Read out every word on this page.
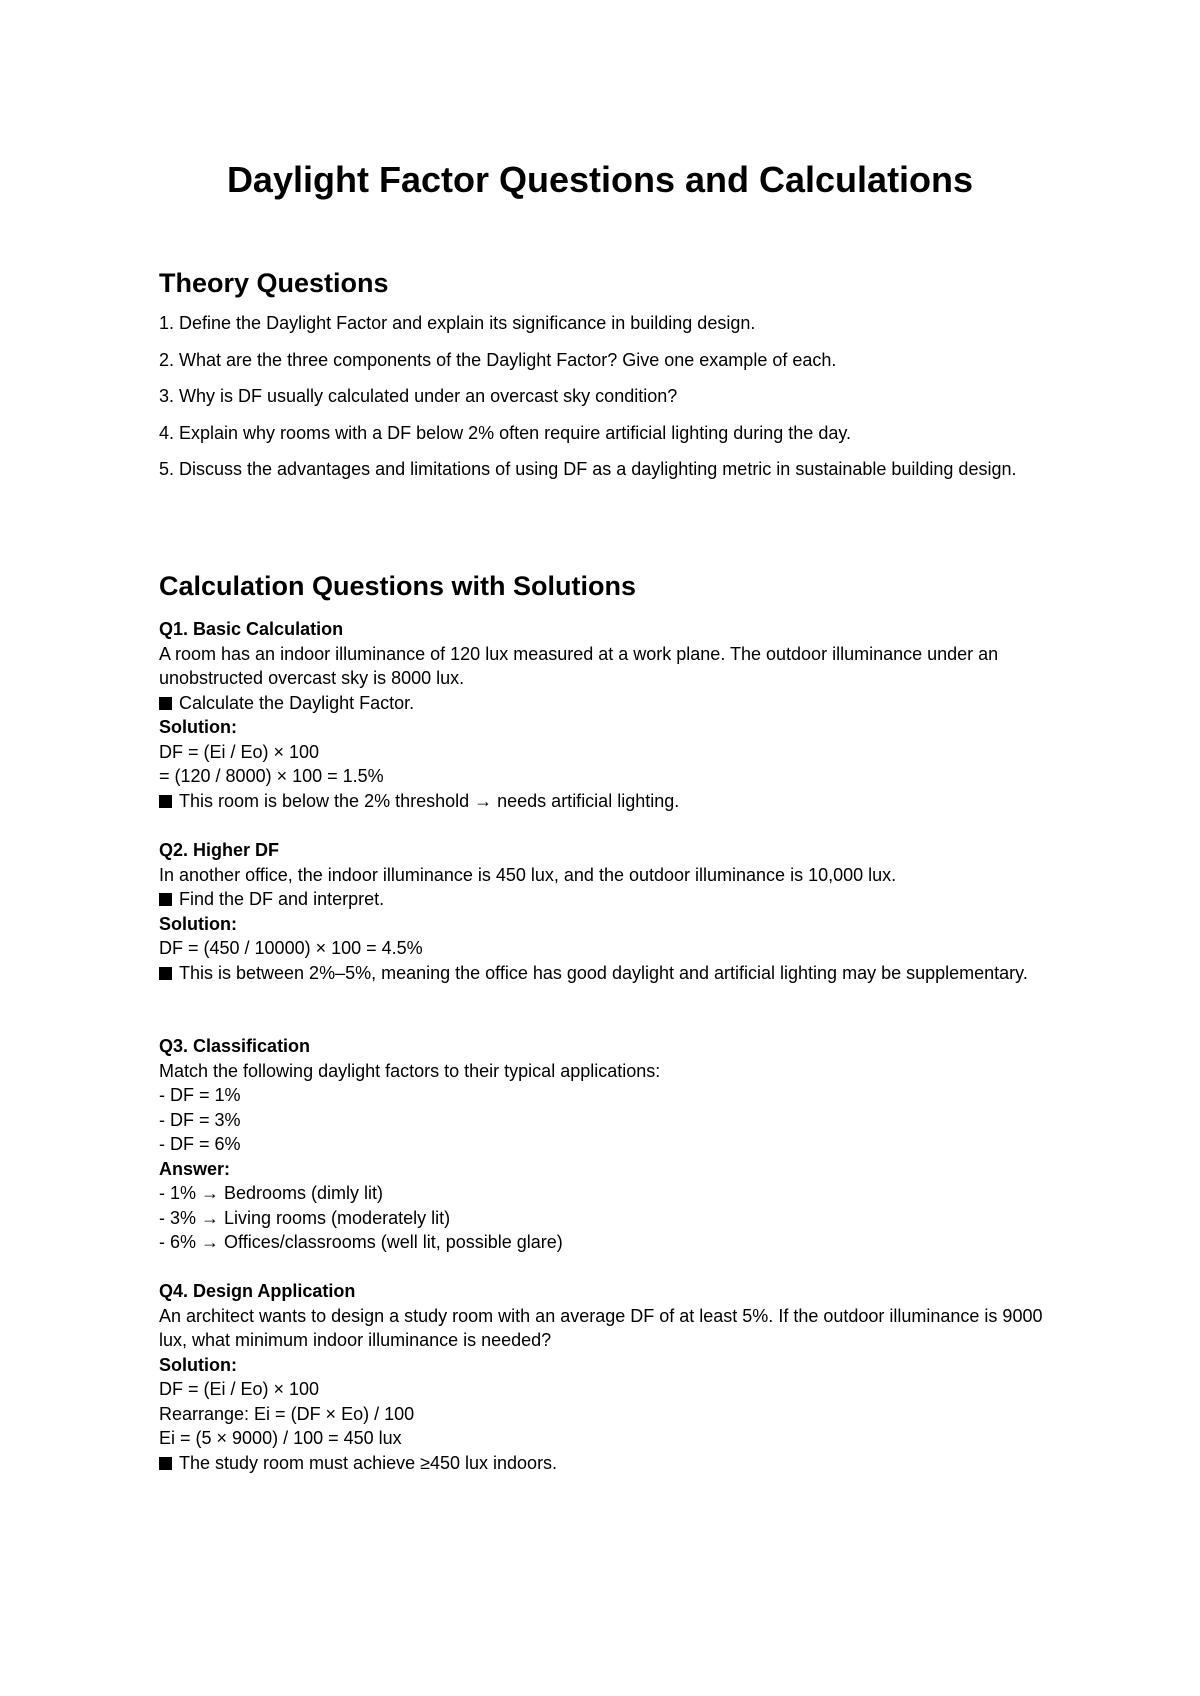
Daylight Factor Questions and Calculations
Theory Questions
1. Define the Daylight Factor and explain its significance in building design.
2. What are the three components of the Daylight Factor? Give one example of each.
3. Why is DF usually calculated under an overcast sky condition?
4. Explain why rooms with a DF below 2% often require artificial lighting during the day.
5. Discuss the advantages and limitations of using DF as a daylighting metric in sustainable building design.
Calculation Questions with Solutions
Q1. Basic Calculation
A room has an indoor illuminance of 120 lux measured at a work plane. The outdoor illuminance under an unobstructed overcast sky is 8000 lux.
Calculate the Daylight Factor.
Solution:
DF = (Ei / Eo) × 100
= (120 / 8000) × 100 = 1.5%
This room is below the 2% threshold → needs artificial lighting.
Q2. Higher DF
In another office, the indoor illuminance is 450 lux, and the outdoor illuminance is 10,000 lux.
Find the DF and interpret.
Solution:
DF = (450 / 10000) × 100 = 4.5%
This is between 2%–5%, meaning the office has good daylight and artificial lighting may be supplementary.
Q3. Classification
Match the following daylight factors to their typical applications:
- DF = 1%
- DF = 3%
- DF = 6%
Answer:
- 1% → Bedrooms (dimly lit)
- 3% → Living rooms (moderately lit)
- 6% → Offices/classrooms (well lit, possible glare)
Q4. Design Application
An architect wants to design a study room with an average DF of at least 5%. If the outdoor illuminance is 9000 lux, what minimum indoor illuminance is needed?
Solution:
DF = (Ei / Eo) × 100
Rearrange: Ei = (DF × Eo) / 100
Ei = (5 × 9000) / 100 = 450 lux
The study room must achieve ≥450 lux indoors.
